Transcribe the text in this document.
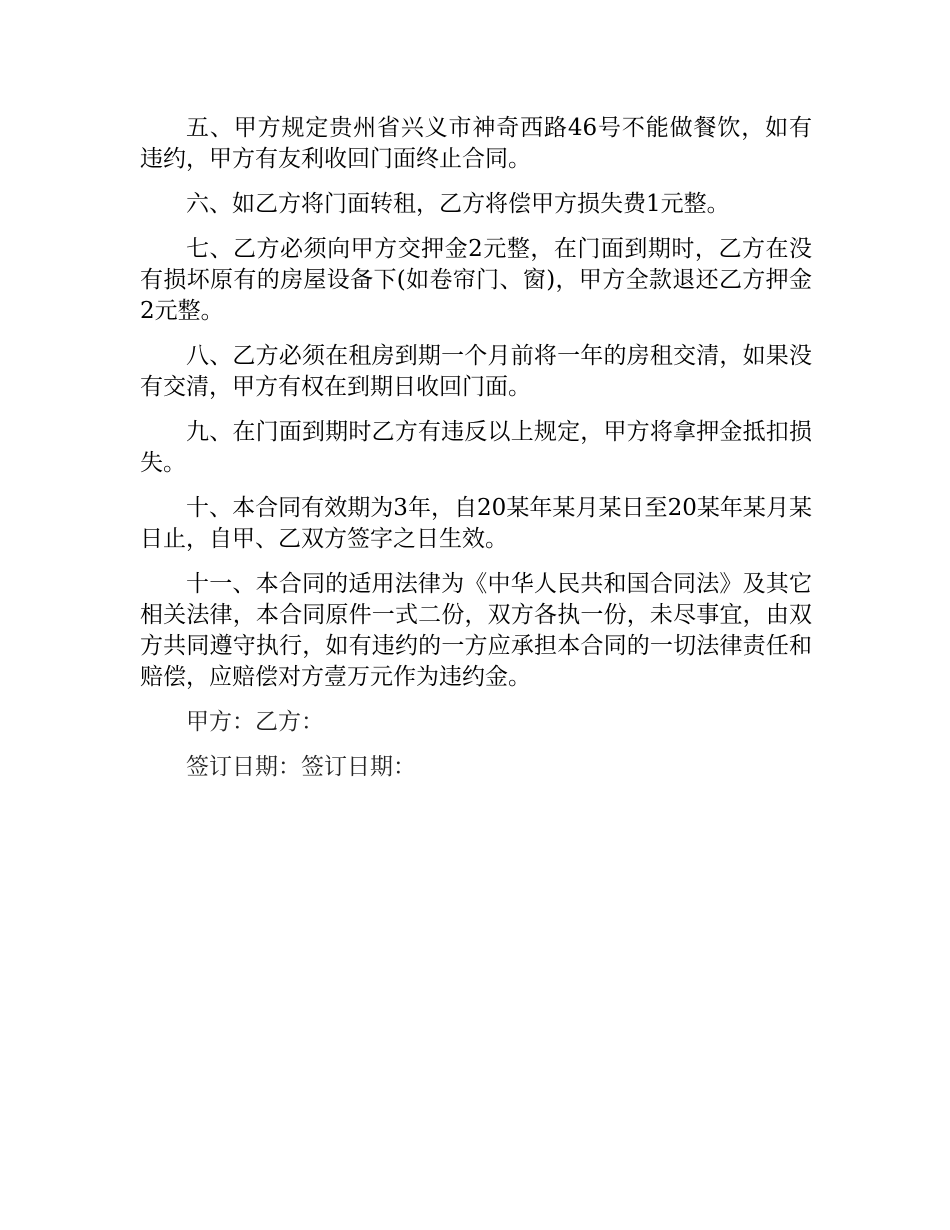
五、甲方规定贵州省兴义市神奇西路46号不能做餐饮，如有违约，甲方有友利收回门面终止合同。

六、如乙方将门面转租，乙方将偿甲方损失费1元整。

七、乙方必须向甲方交押金2元整，在门面到期时，乙方在没有损坏原有的房屋设备下(如卷帘门、窗)，甲方全款退还乙方押金2元整。

八、乙方必须在租房到期一个月前将一年的房租交清，如果没有交清，甲方有权在到期日收回门面。

九、在门面到期时乙方有违反以上规定，甲方将拿押金抵扣损失。

十、本合同有效期为3年，自20某年某月某日至20某年某月某日止，自甲、乙双方签字之日生效。

十一、本合同的适用法律为《中华人民共和国合同法》及其它相关法律，本合同原件一式二份，双方各执一份，未尽事宜，由双方共同遵守执行，如有违约的一方应承担本合同的一切法律责任和赔偿，应赔偿对方壹万元作为违约金。

甲方：乙方：

签订日期：签订日期：
